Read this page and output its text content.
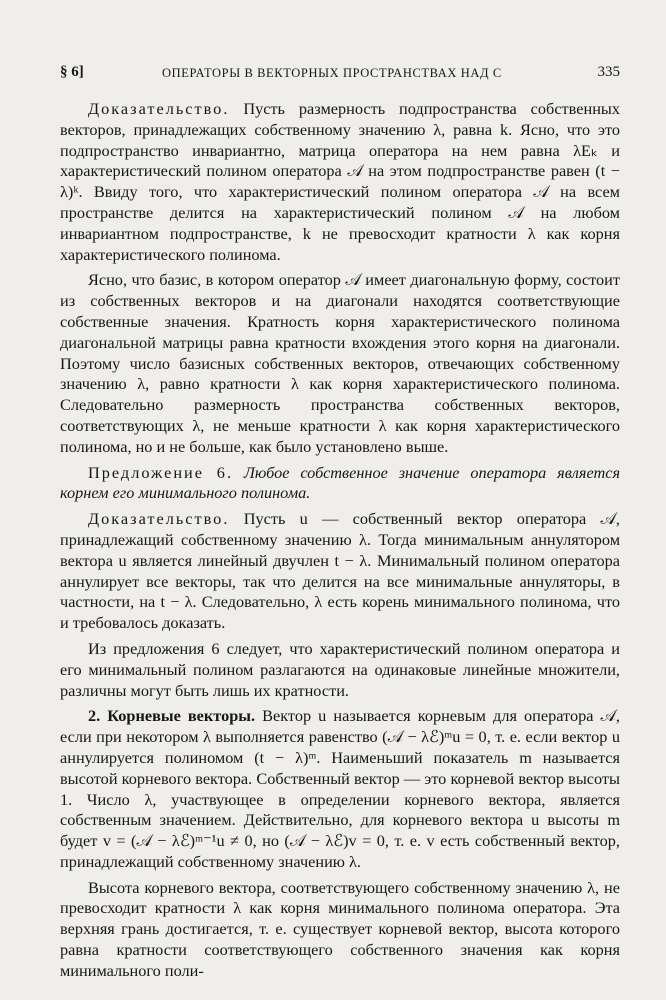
§ 6]	ОПЕРАТОРЫ В ВЕКТОРНЫХ ПРОСТРАНСТВАХ НАД C	335

Доказательство. Пусть размерность подпространства собственных векторов, принадлежащих собственному значению λ, равна k. Ясно, что это подпространство инвариантно, матрица оператора на нем равна λEₖ и характеристический полином оператора 𝒜 на этом подпространстве равен (t − λ)ᵏ. Ввиду того, что характеристический полином оператора 𝒜 на всем пространстве делится на характеристический полином 𝒜 на любом инвариантном подпространстве, k не превосходит кратности λ как корня характеристического полинома.

Ясно, что базис, в котором оператор 𝒜 имеет диагональную форму, состоит из собственных векторов и на диагонали находятся соответствующие собственные значения. Кратность корня характеристического полинома диагональной матрицы равна кратности вхождения этого корня на диагонали. Поэтому число базисных собственных векторов, отвечающих собственному значению λ, равно кратности λ как корня характеристического полинома. Следовательно размерность пространства собственных векторов, соответствующих λ, не меньше кратности λ как корня характеристического полинома, но и не больше, как было установлено выше.

Предложение 6. Любое собственное значение оператора является корнем его минимального полинома.

Доказательство. Пусть u — собственный вектор оператора 𝒜, принадлежащий собственному значению λ. Тогда минимальным аннулятором вектора u является линейный двучлен t − λ. Минимальный полином оператора аннулирует все векторы, так что делится на все минимальные аннуляторы, в частности, на t − λ. Следовательно, λ есть корень минимального полинома, что и требовалось доказать.

Из предложения 6 следует, что характеристический полином оператора и его минимальный полином разлагаются на одинаковые линейные множители, различны могут быть лишь их кратности.

2. Корневые векторы. Вектор u называется корневым для оператора 𝒜, если при некотором λ выполняется равенство (𝒜 − λℰ)ᵐu = 0, т. е. если вектор u аннулируется полиномом (t − λ)ᵐ. Наименьший показатель m называется высотой корневого вектора. Собственный вектор — это корневой вектор высоты 1. Число λ, участвующее в определении корневого вектора, является собственным значением. Действительно, для корневого вектора u высоты m будет v = (𝒜 − λℰ)ᵐ⁻¹u ≠ 0, но (𝒜 − λℰ)v = 0, т. е. v есть собственный вектор, принадлежащий собственному значению λ.

Высота корневого вектора, соответствующего собственному значению λ, не превосходит кратности λ как корня минимального полинома оператора. Эта верхняя грань достигается, т. е. существует корневой вектор, высота которого равна кратности соответствующего собственного значения как корня минимального поли-
